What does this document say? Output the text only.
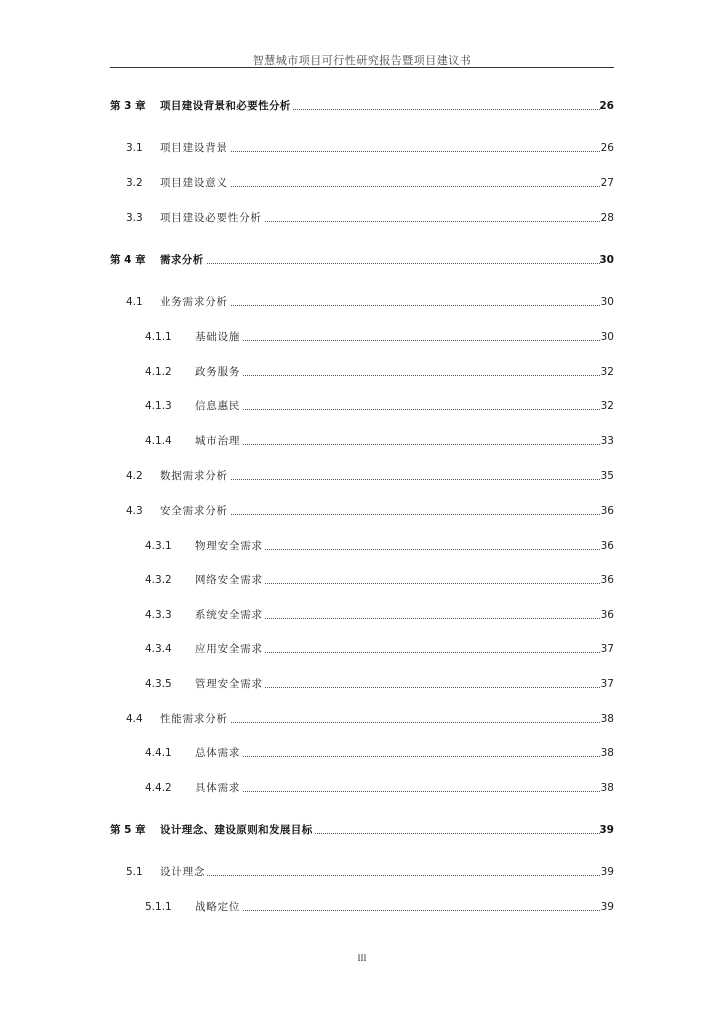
智慧城市项目可行性研究报告暨项目建议书
第 3 章 项目建设背景和必要性分析	26
3.1 项目建设背景	26
3.2 项目建设意义	27
3.3 项目建设必要性分析	28
第 4 章 需求分析	30
4.1 业务需求分析	30
4.1.1 基础设施	30
4.1.2 政务服务	32
4.1.3 信息惠民	32
4.1.4 城市治理	33
4.2 数据需求分析	35
4.3 安全需求分析	36
4.3.1 物理安全需求	36
4.3.2 网络安全需求	36
4.3.3 系统安全需求	36
4.3.4 应用安全需求	37
4.3.5 管理安全需求	37
4.4 性能需求分析	38
4.4.1 总体需求	38
4.4.2 具体需求	38
第 5 章 设计理念、建设原则和发展目标	39
5.1 设计理念	39
5.1.1 战略定位	39
III
